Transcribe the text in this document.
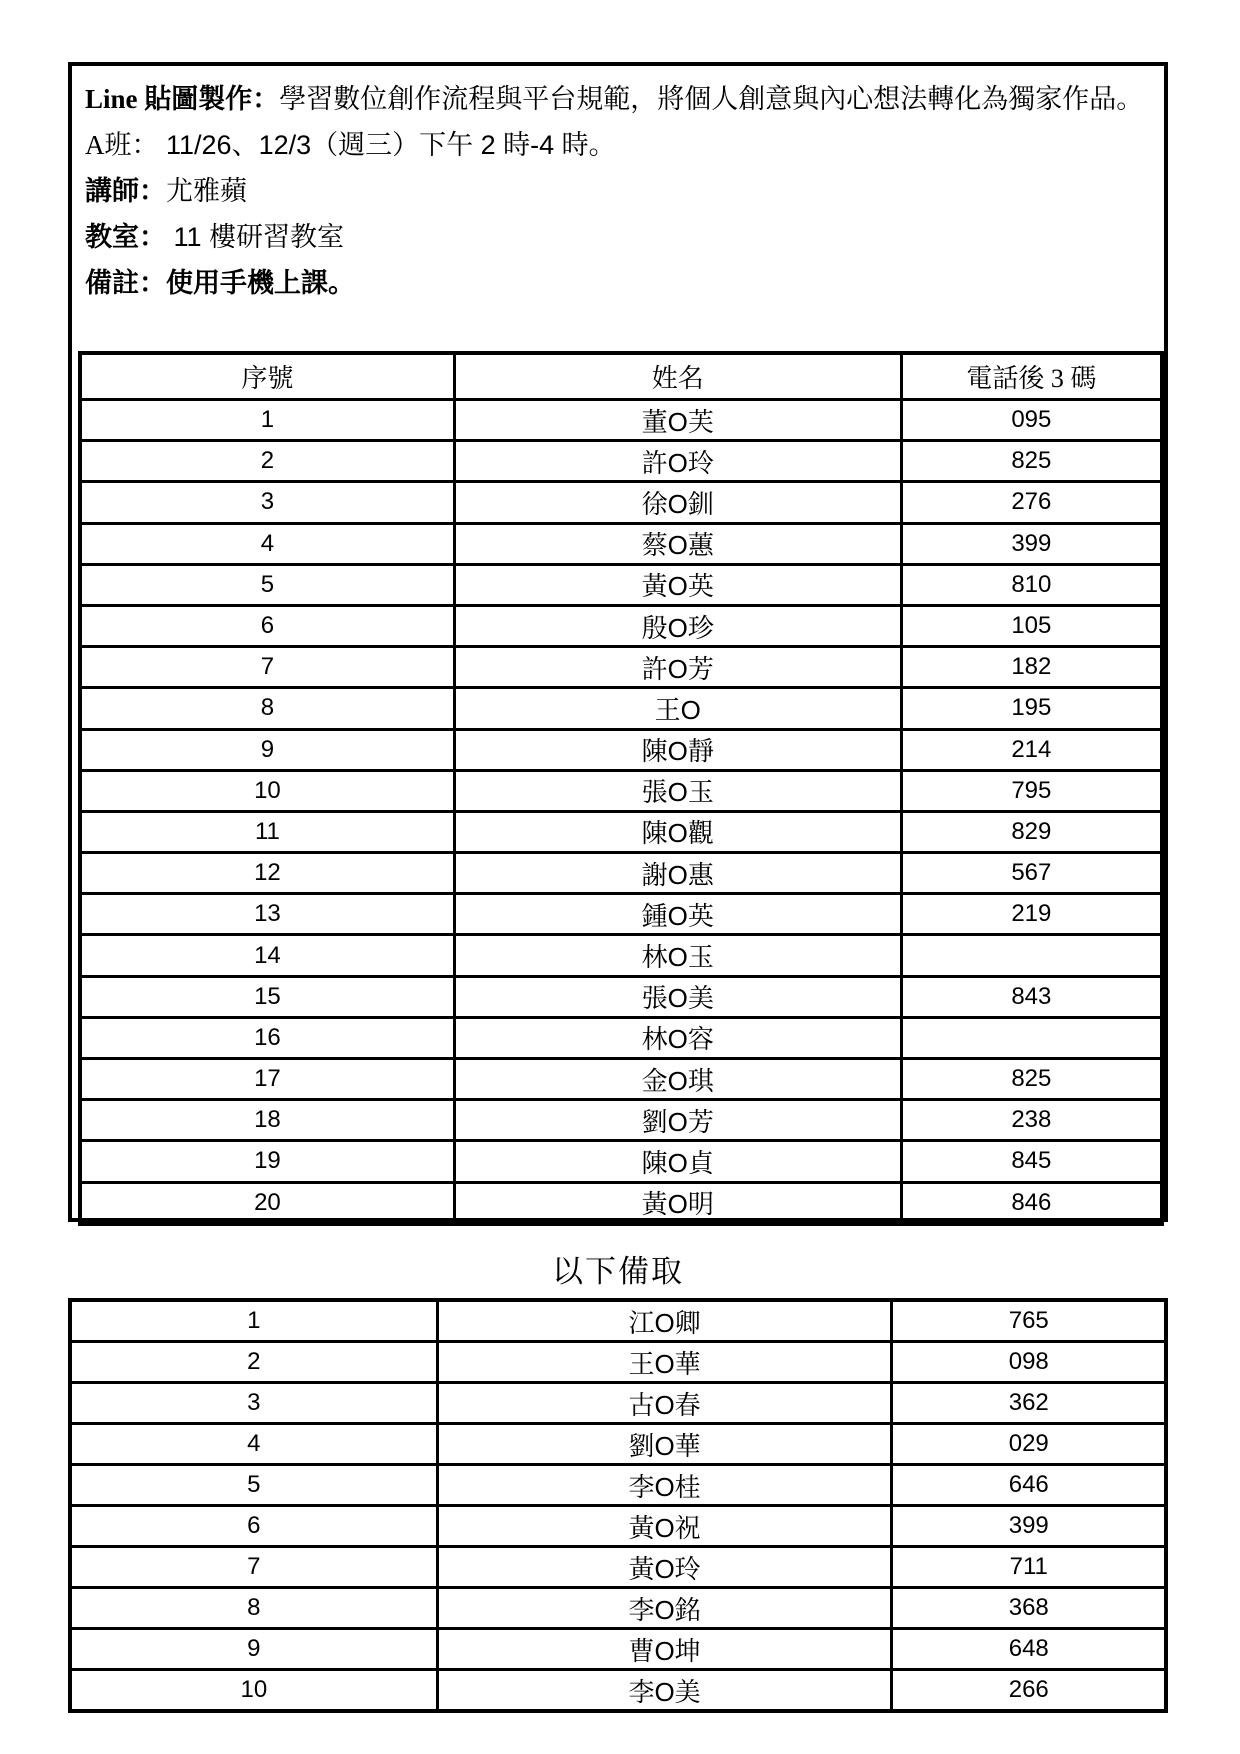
Line 貼圖製作：學習數位創作流程與平台規範，將個人創意與內心想法轉化為獨家作品。

A班： 11/26、12/3（週三）下午 2 時-4 時。

講師：尤雅蘋

教室： 11 樓研習教室

備註：使用手機上課。

序號	姓名	電話後 3 碼
1	董O芙	095
2	許O玲	825
3	徐O釧	276
4	蔡O蕙	399
5	黃O英	810
6	殷O珍	105
7	許O芳	182
8	王O	195
9	陳O靜	214
10	張O玉	795
11	陳O觀	829
12	謝O惠	567
13	鍾O英	219
14	林O玉	
15	張O美	843
16	林O容	
17	金O琪	825
18	劉O芳	238
19	陳O貞	845
20	黃O明	846
以下備取
1	江O卿	765
2	王O華	098
3	古O春	362
4	劉O華	029
5	李O桂	646
6	黃O祝	399
7	黃O玲	711
8	李O銘	368
9	曹O坤	648
10	李O美	266
